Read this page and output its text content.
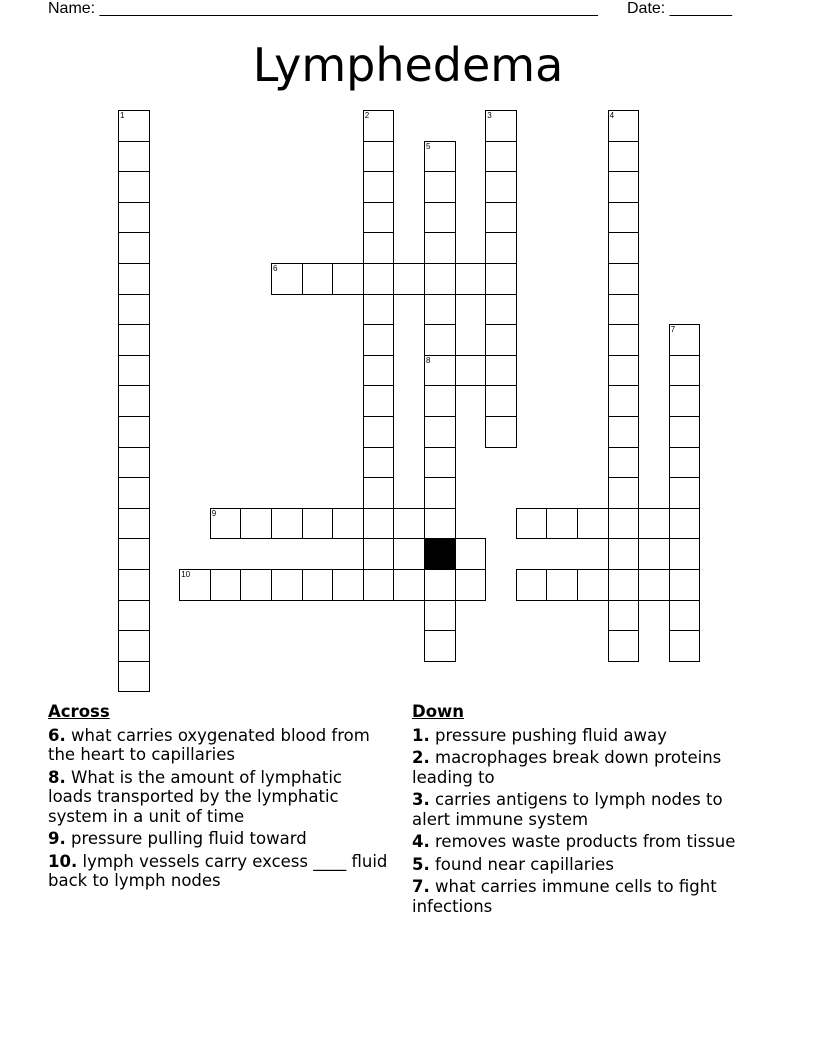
Name: ________________________________________________________ Date: _______
Lymphedema
1	2
5
8
3	4
6
7
9
10
Across
6. what carries oxygenated blood from the heart to capillaries
8. What is the amount of lymphatic loads transported by the lymphatic system in a unit of time
9. pressure pulling fluid toward
10. lymph vessels carry excess ____ fluid back to lymph nodes
Down
1. pressure pushing fluid away
2. macrophages break down proteins leading to
3. carries antigens to lymph nodes to alert immune system
4. removes waste products from tissue
5. found near capillaries
7. what carries immune cells to fight infections
